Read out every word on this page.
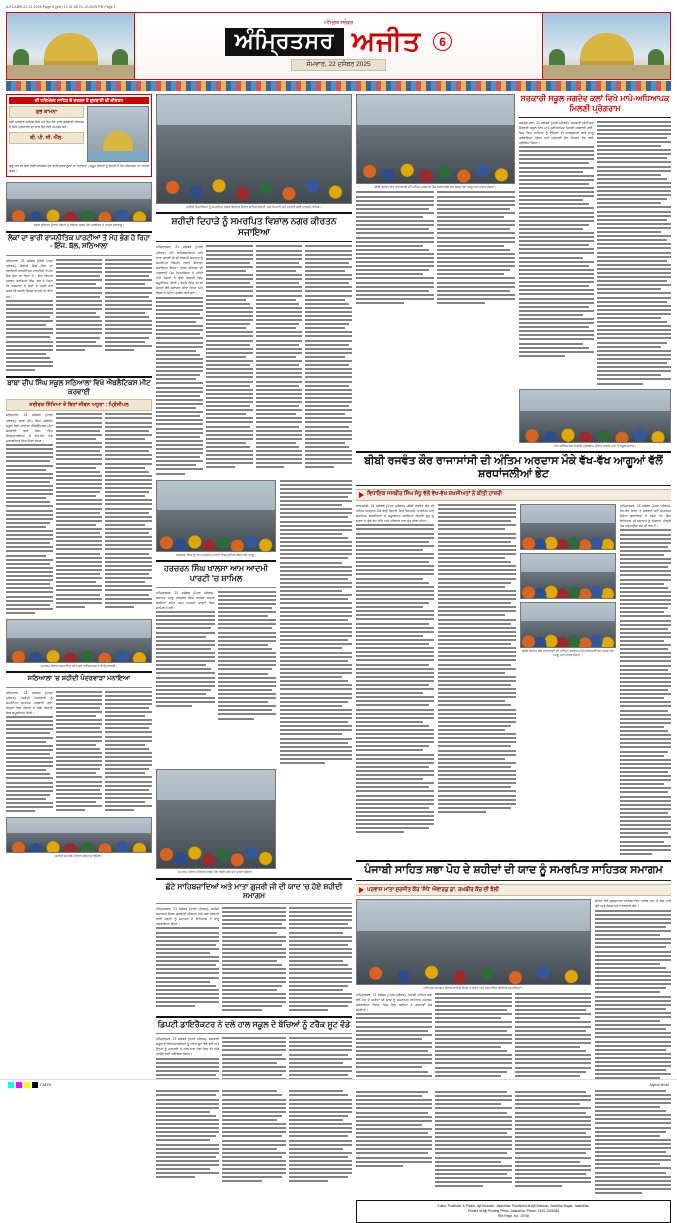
AJIT-AMR-22-01-2025 Page 6 (pdf) 12:31:58 22-12-2025 PM Page 1
ਅੰਮ੍ਰਿਤ ਸਰੋਵਰ
ਅੰਮ੍ਰਿਤਸਰ ਅਜੀਤ	6
ਸੋਮਵਾਰ, 22 ਦਸੰਬਰ 2025
ਦੀ ਹਰਿਮੰਦਰ ਸਾਹਿਬ ਦੇ ਦਰਸ਼ਨ ਤੇ ਗੁਰਬਾਣੀ ਦੀ ਕੀਰਤਨ
ਸ਼ੁਭ ਕਾਮਨਾ
ਸ੍ਰੀ ਦਰਬਾਰ ਸਾਹਿਬ ਵਿਖੇ ਹਰ ਰੋਜ਼ ਹੋਣ ਵਾਲੇ ਗੁਰਬਾਣੀ ਕੀਰਤਨ ਦੇ ਸਿੱਧੇ ਪ੍ਰਸਾਰਣ ਦਾ ਲਾਭ ਲੈਣ ਲਈ ਸੰਪਰਕ ਕਰੋ।
ਬੀ. ਪੀ. ਸੀ. ਐੱਲ.
ਗੁਰੂ ਘਰ ਦੀ ਸੇਵਾ ਲਈ ਸਹਿਯੋਗ ਦੇਣ ਵਾਲੇ ਸ਼ਰਧਾਲੂਆਂ ਦਾ ਧੰਨਵਾਦ। ਸਮੂਹ ਸੰਗਤਾਂ ਨੂੰ ਬੇਨਤੀ ਹੈ ਕਿ ਮਰਿਆਦਾ ਦਾ ਪਾਲਣ ਕਰਨ।
ਨਗਰ ਕੀਰਤਨ ਦੌਰਾਨ ਸੰਗਤਾਂ ਨੂੰ ਸੰਬੋਧਨ ਕਰਦੇ ਹੋਏ ਪ੍ਰਬੰਧਕ ਤੇ ਹਾਜ਼ਰ ਸ਼ਰਧਾਲੂ।
ਲੋਕਾਂ ਦਾ ਭਾਰੀ ਰਾਜਨੀਤਿਕ ਪਾਰਟੀਆਂ ਤੋਂ ਮੋਹ ਭੰਗ ਹੋ ਰਿਹਾ - ਇੰਜ. ਬੱਲ, ਸਠਿਆਲਾ
ਸਠਿਆਲਾ, 21 ਦਸੰਬਰ (ਨਿੱਜੀ ਪੱਤਰ ਪ੍ਰੇਰਕ)- ਇਲਾਕੇ ਵਿਚ ਲੋਕਾਂ ਦਾ ਰਵਾਇਤੀ ਰਾਜਨੀਤਿਕ ਪਾਰਟੀਆਂ ਤੋਂ ਮੋਹ ਭੰਗ ਹੁੰਦਾ ਜਾ ਰਿਹਾ ਹੈ। ਇਹ ਵਿਚਾਰ ਪ੍ਰਗਟ ਕਰਦਿਆਂ ਇੰਜ. ਬੱਲ ਨੇ ਕਿਹਾ ਕਿ ਸਰਕਾਰਾਂ ਨੇ ਲੋਕਾਂ ਦੇ ਮਸਲੇ ਹੱਲ ਕਰਨ ਦੀ ਬਜਾਏ ਸਿਰਫ਼ ਵਾਅਦੇ ਹੀ ਕੀਤੇ ਹਨ।
ਬਾਬਾ ਦੀਪ ਸਿੰਘ ਸਕੂਲ ਸਠਿਆਲਾ ਵਿਖੇ ਐਥਲੈਟਿਕਸ ਮੀਟ ਕਰਵਾਈ
ਸਰੀਰਕ ਸਿੱਖਿਆ ਤੋਂ ਬਿਨਾਂ ਜੀਵਨ ਅਧੂਰਾ : ਪ੍ਰਿੰਸੀਪਲ
ਸਠਿਆਲਾ, 21 ਦਸੰਬਰ (ਪੱਤਰ ਪ੍ਰੇਰਕ)- ਬਾਬਾ ਦੀਪ ਸਿੰਘ ਪਬਲਿਕ ਸਕੂਲ ਵਿਖੇ ਸਾਲਾਨਾ ਐਥਲੈਟਿਕਸ ਮੀਟ ਕਰਵਾਈ ਗਈ ਜਿਸ ਵਿਚ ਵਿਦਿਆਰਥੀਆਂ ਨੇ ਵੱਖ-ਵੱਖ ਖੇਡ ਮੁਕਾਬਲਿਆਂ ਵਿਚ ਹਿੱਸਾ ਲਿਆ।
ਸਮਾਗਮ ਦੌਰਾਨ ਸਨਮਾਨਿਤ ਕੀਤੇ ਗਏ ਅਧਿਆਪਕ ਤੇ ਵਿਦਿਆਰਥੀ।
ਸਠਿਆਲਾ 'ਚ ਸ਼ਹੀਦੀ ਪੰਦਰਵਾੜਾ ਮਨਾਇਆ
ਸਠਿਆਲਾ, 21 ਦਸੰਬਰ (ਪੱਤਰ ਪ੍ਰੇਰਕ)- ਸ਼ਹੀਦੀ ਪੰਦਰਵਾੜੇ ਨੂੰ ਸਮਰਪਿਤ ਸਮਾਗਮ ਕਰਵਾਏ ਗਏ, ਜਿਨ੍ਹਾਂ ਵਿਚ ਸੰਗਤਾਂ ਨੇ ਵੱਡੀ ਗਿਣਤੀ ਵਿਚ ਸ਼ਮੂਲੀਅਤ ਕੀਤੀ।
ਸ਼ਹੀਦੀ ਸਮਾਗਮ ਦੌਰਾਨ ਸੰਗਤ ਦਾ ਇਕੱਠ।
ਸ਼ਹੀਦੀ ਦਿਹਾੜਿਆਂ ਨੂੰ ਸਮਰਪਿਤ ਨਗਰ ਕੀਰਤਨ ਦੌਰਾਨ ਸ਼ਾਮਿਲ ਸੰਗਤਾਂ, ਪੰਜ ਪਿਆਰੇ ਅਤੇ ਸਜਾਈ ਗਈ ਪਾਲਕੀ ਸਾਹਿਬ।
ਸ਼ਹੀਦੀ ਦਿਹਾੜੇ ਨੂੰ ਸਮਰਪਿਤ ਵਿਸ਼ਾਲ ਨਗਰ ਕੀਰਤਨ ਸਜਾਇਆ
ਅੰਮ੍ਰਿਤਸਰ, 21 ਦਸੰਬਰ (ਪੱਤਰ ਪ੍ਰੇਰਕ)- ਛੋਟੇ ਸਾਹਿਬਜ਼ਾਦਿਆਂ ਅਤੇ ਮਾਤਾ ਗੁਜਰੀ ਜੀ ਦੀ ਲਾਸਾਨੀ ਸ਼ਹਾਦਤ ਨੂੰ ਸਮਰਪਿਤ ਵਿਸ਼ਾਲ ਨਗਰ ਕੀਰਤਨ ਸਜਾਇਆ ਗਿਆ। ਨਗਰ ਕੀਰਤਨ ਦੀ ਅਗਵਾਈ ਪੰਜ ਪਿਆਰਿਆਂ ਨੇ ਕੀਤੀ ਅਤੇ ਸੰਗਤਾਂ ਨੇ ਵੱਡੀ ਗਿਣਤੀ ਵਿਚ ਸ਼ਮੂਲੀਅਤ ਕੀਤੀ। ਰਸਤੇ ਵਿਚ ਥਾਂ-ਥਾਂ ਸੰਗਤਾਂ ਵੱਲੋਂ ਸਵਾਗਤ ਕੀਤਾ ਗਿਆ ਅਤੇ ਲੰਗਰ ਦੇ ਅਟੁੱਟ ਪ੍ਰਬੰਧ ਕੀਤੇ ਗਏ।
ਹਰਚਰਨ ਸਿੰਘ ਨੂੰ ਆਮ ਆਦਮੀ ਪਾਰਟੀ ਵਿਚ ਸ਼ਾਮਿਲ ਕਰਦੇ ਹੋਏ ਆਗੂ।
ਹਰਚਰਨ ਸਿੰਘ ਖਾਲਸਾ ਆਮ ਆਦਮੀ ਪਾਰਟੀ 'ਚ ਸ਼ਾਮਿਲ
ਅੰਮ੍ਰਿਤਸਰ, 21 ਦਸੰਬਰ (ਪੱਤਰ ਪ੍ਰੇਰਕ)- ਸਥਾਨਕ ਆਗੂ ਹਰਚਰਨ ਸਿੰਘ ਖਾਲਸਾ ਆਪਣੇ ਸਾਥੀਆਂ ਸਮੇਤ ਆਮ ਆਦਮੀ ਪਾਰਟੀ ਵਿਚ ਸ਼ਾਮਿਲ ਹੋ ਗਏ।
ਸਮਾਗਮ ਦੌਰਾਨ ਕੀਰਤਨ ਕਰਦੇ ਹੋਏ ਰਾਗੀ ਜਥੇ ਅਤੇ ਹਾਜ਼ਰ ਸੰਗਤਾਂ।
ਛੋਟੇ ਸਾਹਿਬਜ਼ਾਦਿਆਂ ਅਤੇ ਮਾਤਾ ਗੁਜਰੀ ਜੀ ਦੀ ਯਾਦ 'ਚ ਹੋਏ ਸ਼ਹੀਦੀ ਸਮਾਗਮ
ਅੰਮ੍ਰਿਤਸਰ, 21 ਦਸੰਬਰ (ਪੱਤਰ ਪ੍ਰੇਰਕ)- ਸ਼ਹੀਦੀ ਸਮਾਗਮਾਂ ਦੌਰਾਨ ਗੁਰਬਾਣੀ ਕੀਰਤਨ ਅਤੇ ਕਥਾ ਵਿਚਾਰਾਂ ਰਾਹੀਂ ਸੰਗਤਾਂ ਨੂੰ ਸ਼ਹਾਦਤ ਦੇ ਇਤਿਹਾਸ ਤੋਂ ਜਾਣੂ ਕਰਵਾਇਆ ਗਿਆ।
ਡਿਪਟੀ ਡਾਇਰੈਕਟਰ ਨੇ ਦਲੇ ਹਾਲ ਸਕੂਲ ਦੇ ਬੱਚਿਆਂ ਨੂੰ ਟਰੈਕ ਸੂਟ ਵੰਡੇ
ਅੰਮ੍ਰਿਤਸਰ, 21 ਦਸੰਬਰ (ਪੱਤਰ ਪ੍ਰੇਰਕ)- ਸਰਕਾਰੀ ਸਕੂਲ ਦੇ ਵਿਦਿਆਰਥੀਆਂ ਨੂੰ ਟਰੈਕ ਸੂਟ ਵੰਡੇ ਗਏ ਅਤੇ ਉਨ੍ਹਾਂ ਨੂੰ ਪੜ੍ਹਾਈ ਦੇ ਨਾਲ-ਨਾਲ ਖੇਡਾਂ ਵਿਚ ਵੀ ਅੱਗੇ ਆਉਣ ਲਈ ਪ੍ਰੇਰਿਆ ਗਿਆ।
ਬੀਬੀ ਰਜਵੰਤ ਕੌਰ ਰਾਜਾਸਾਂਸੀ ਦੀ ਅੰਤਿਮ ਅਰਦਾਸ ਮੌਕੇ ਸ਼ਰਧਾਂਜਲੀ ਭੇਟ ਕਰਦੇ ਹੋਏ ਆਗੂ ਅਤੇ ਹਾਜ਼ਰ ਸੰਗਤਾਂ।
ਸਰਕਾਰੀ ਸਕੂਲ ਜਗਦੇਵ ਕਲਾਂ ਵਿਖੇ ਮਾਪੇ-ਅਧਿਆਪਕ ਮਿਲਣੀ ਪ੍ਰੋਗਰਾਮ
ਜਗਦੇਵ ਕਲਾਂ, 21 ਦਸੰਬਰ (ਪੱਤਰ ਪ੍ਰੇਰਕ)- ਸਰਕਾਰੀ ਸੀਨੀਅਰ ਸੈਕੰਡਰੀ ਸਕੂਲ ਵਿਖੇ ਮਾਪੇ-ਅਧਿਆਪਕ ਮਿਲਣੀ ਕਰਵਾਈ ਗਈ, ਜਿਸ ਵਿਚ ਮਾਪਿਆਂ ਨੂੰ ਬੱਚਿਆਂ ਦੀ ਕਾਰਗੁਜ਼ਾਰੀ ਬਾਰੇ ਜਾਣੂ ਕਰਵਾਇਆ ਗਿਆ ਅਤੇ ਪੜ੍ਹਾਈ ਵੱਲ ਧਿਆਨ ਦੇਣ ਲਈ ਪ੍ਰੇਰਿਆ ਗਿਆ।
ਮਾਪੇ-ਅਧਿਆਪਕ ਮਿਲਣੀ ਪ੍ਰੋਗਰਾਮ ਦੌਰਾਨ ਹਾਜ਼ਰ ਮਾਪੇ ਤੇ ਸਕੂਲ ਸਟਾਫ਼।
ਬੀਬੀ ਰਜਵੰਤ ਕੌਰ ਰਾਜਾਸਾਂਸੀ ਦੀ ਅੰਤਿਮ ਅਰਦਾਸ ਮੌਕੇ ਵੱਖ-ਵੱਖ ਆਗੂਆਂ ਵੱਲੋਂ ਸ਼ਰਧਾਂਜਲੀਆਂ ਭੇਟ
ਵਿਧਾਇਕ ਜਸਬੀਰ ਸਿੰਘ ਸੰਧੂ ਵੱਲੋਂ ਵੱਖ-ਵੱਖ ਸ਼ਖ਼ਸੀਅਤਾਂ ਨੇ ਕੀਤੀ ਹਾਜ਼ਰੀ
ਰਾਜਾਸਾਂਸੀ, 21 ਦਸੰਬਰ (ਪੱਤਰ ਪ੍ਰੇਰਕ)- ਬੀਬੀ ਰਜਵੰਤ ਕੌਰ ਦੀ ਅੰਤਿਮ ਅਰਦਾਸ ਮੌਕੇ ਵੱਡੀ ਗਿਣਤੀ ਵਿਚ ਸਿਆਸੀ, ਧਾਰਮਿਕ ਅਤੇ ਸਮਾਜਿਕ ਸ਼ਖ਼ਸੀਅਤਾਂ ਨੇ ਸ਼ਮੂਲੀਅਤ ਕਰਦਿਆਂ ਵਿਛੜੀ ਰੂਹ ਨੂੰ ਸ਼ਰਧਾ ਦੇ ਫੁੱਲ ਭੇਟ ਕੀਤੇ ਅਤੇ ਪਰਿਵਾਰ ਨਾਲ ਦੁੱਖ ਸਾਂਝਾ ਕੀਤਾ।
ਬੀਬੀ ਰਜਵੰਤ ਕੌਰ ਰਾਜਾਸਾਂਸੀ ਦੀ ਅੰਤਿਮ ਅਰਦਾਸ ਮੌਕੇ ਸ਼ਰਧਾਂਜਲੀ ਭੇਟ ਕਰਦੇ ਹੋਏ ਆਗੂ ਅਤੇ ਹਾਜ਼ਰ ਸੰਗਤਾਂ।
ਅੰਮ੍ਰਿਤਸਰ, 21 ਦਸੰਬਰ (ਪੱਤਰ ਪ੍ਰੇਰਕ)- ਵੱਖ-ਵੱਖ ਥਾਵਾਂ 'ਤੇ ਕਰਵਾਏ ਗਏ ਸਮਾਗਮਾਂ ਦੌਰਾਨ ਬੁਲਾਰਿਆਂ ਨੇ ਕਿਹਾ ਕਿ ਸਿੱਖ ਇਤਿਹਾਸ ਦੀ ਸ਼ਹਾਦਤ ਨੂੰ ਨੌਜਵਾਨ ਪੀੜ੍ਹੀ ਤੱਕ ਪਹੁੰਚਾਉਣਾ ਸਮੇਂ ਦੀ ਲੋੜ ਹੈ।
ਪੰਜਾਬੀ ਸਾਹਿਤ ਸਭਾ ਪੋਹ ਦੇ ਸ਼ਹੀਦਾਂ ਦੀ ਯਾਦ ਨੂੰ ਸਮਰਪਿਤ ਸਾਹਿਤਕ ਸਮਾਗਮ
ਪਰਵਾਸ ਮਾਤਾ ਸੁਰਜੀਤ ਕੌਰ 'ਸੰਧੇ' ਐਵਾਰਡ ਡਾ. ਰਘਬੀਰ ਕੌਰ ਦੀ ਝੋਲੀ
ਸਾਹਿਤਕ ਸਮਾਗਮ ਦੌਰਾਨ ਸ਼ਾਮਿਲ ਲੇਖਕ ਤੇ ਸਰੋਤੇ ਅਤੇ ਸਨਮਾਨਿਤ ਕੀਤੀਆਂ ਸ਼ਖ਼ਸੀਅਤਾਂ।
ਅੰਮ੍ਰਿਤਸਰ, 21 ਦਸੰਬਰ (ਪੱਤਰ ਪ੍ਰੇਰਕ)- ਪੰਜਾਬੀ ਸਾਹਿਤ ਸਭਾ ਵੱਲੋਂ ਪੋਹ ਦੇ ਸ਼ਹੀਦਾਂ ਦੀ ਯਾਦ ਨੂੰ ਸਮਰਪਿਤ ਸਾਹਿਤਕ ਸਮਾਗਮ ਕਰਵਾਇਆ ਗਿਆ, ਜਿਸ ਵਿਚ ਕਵੀਆਂ ਨੇ ਰਚਨਾਵਾਂ ਪੇਸ਼ ਕੀਤੀਆਂ।
ਸੰਗਤਾਂ ਵੱਲੋਂ ਗੁਰਦੁਆਰਾ ਸਾਹਿਬ ਵਿਖੇ ਅਖੰਡ ਪਾਠ ਦੇ ਭੋਗ ਪਾਏ ਗਏ ਅਤੇ ਲੰਗਰ ਅਟੁੱਟ ਵਰਤਾਏ ਗਏ।
Editor, Publisher & Printer, Ajit Bhawan, Jalandhar. Published at Ajit Bhawan, Sarabha Nagar, Jalandhar.
Printed at Ajit Printing Press, Jalandhar. Phone: 0181-2455345
RNI Regn. No. 10760
CMYK	Alpha level
